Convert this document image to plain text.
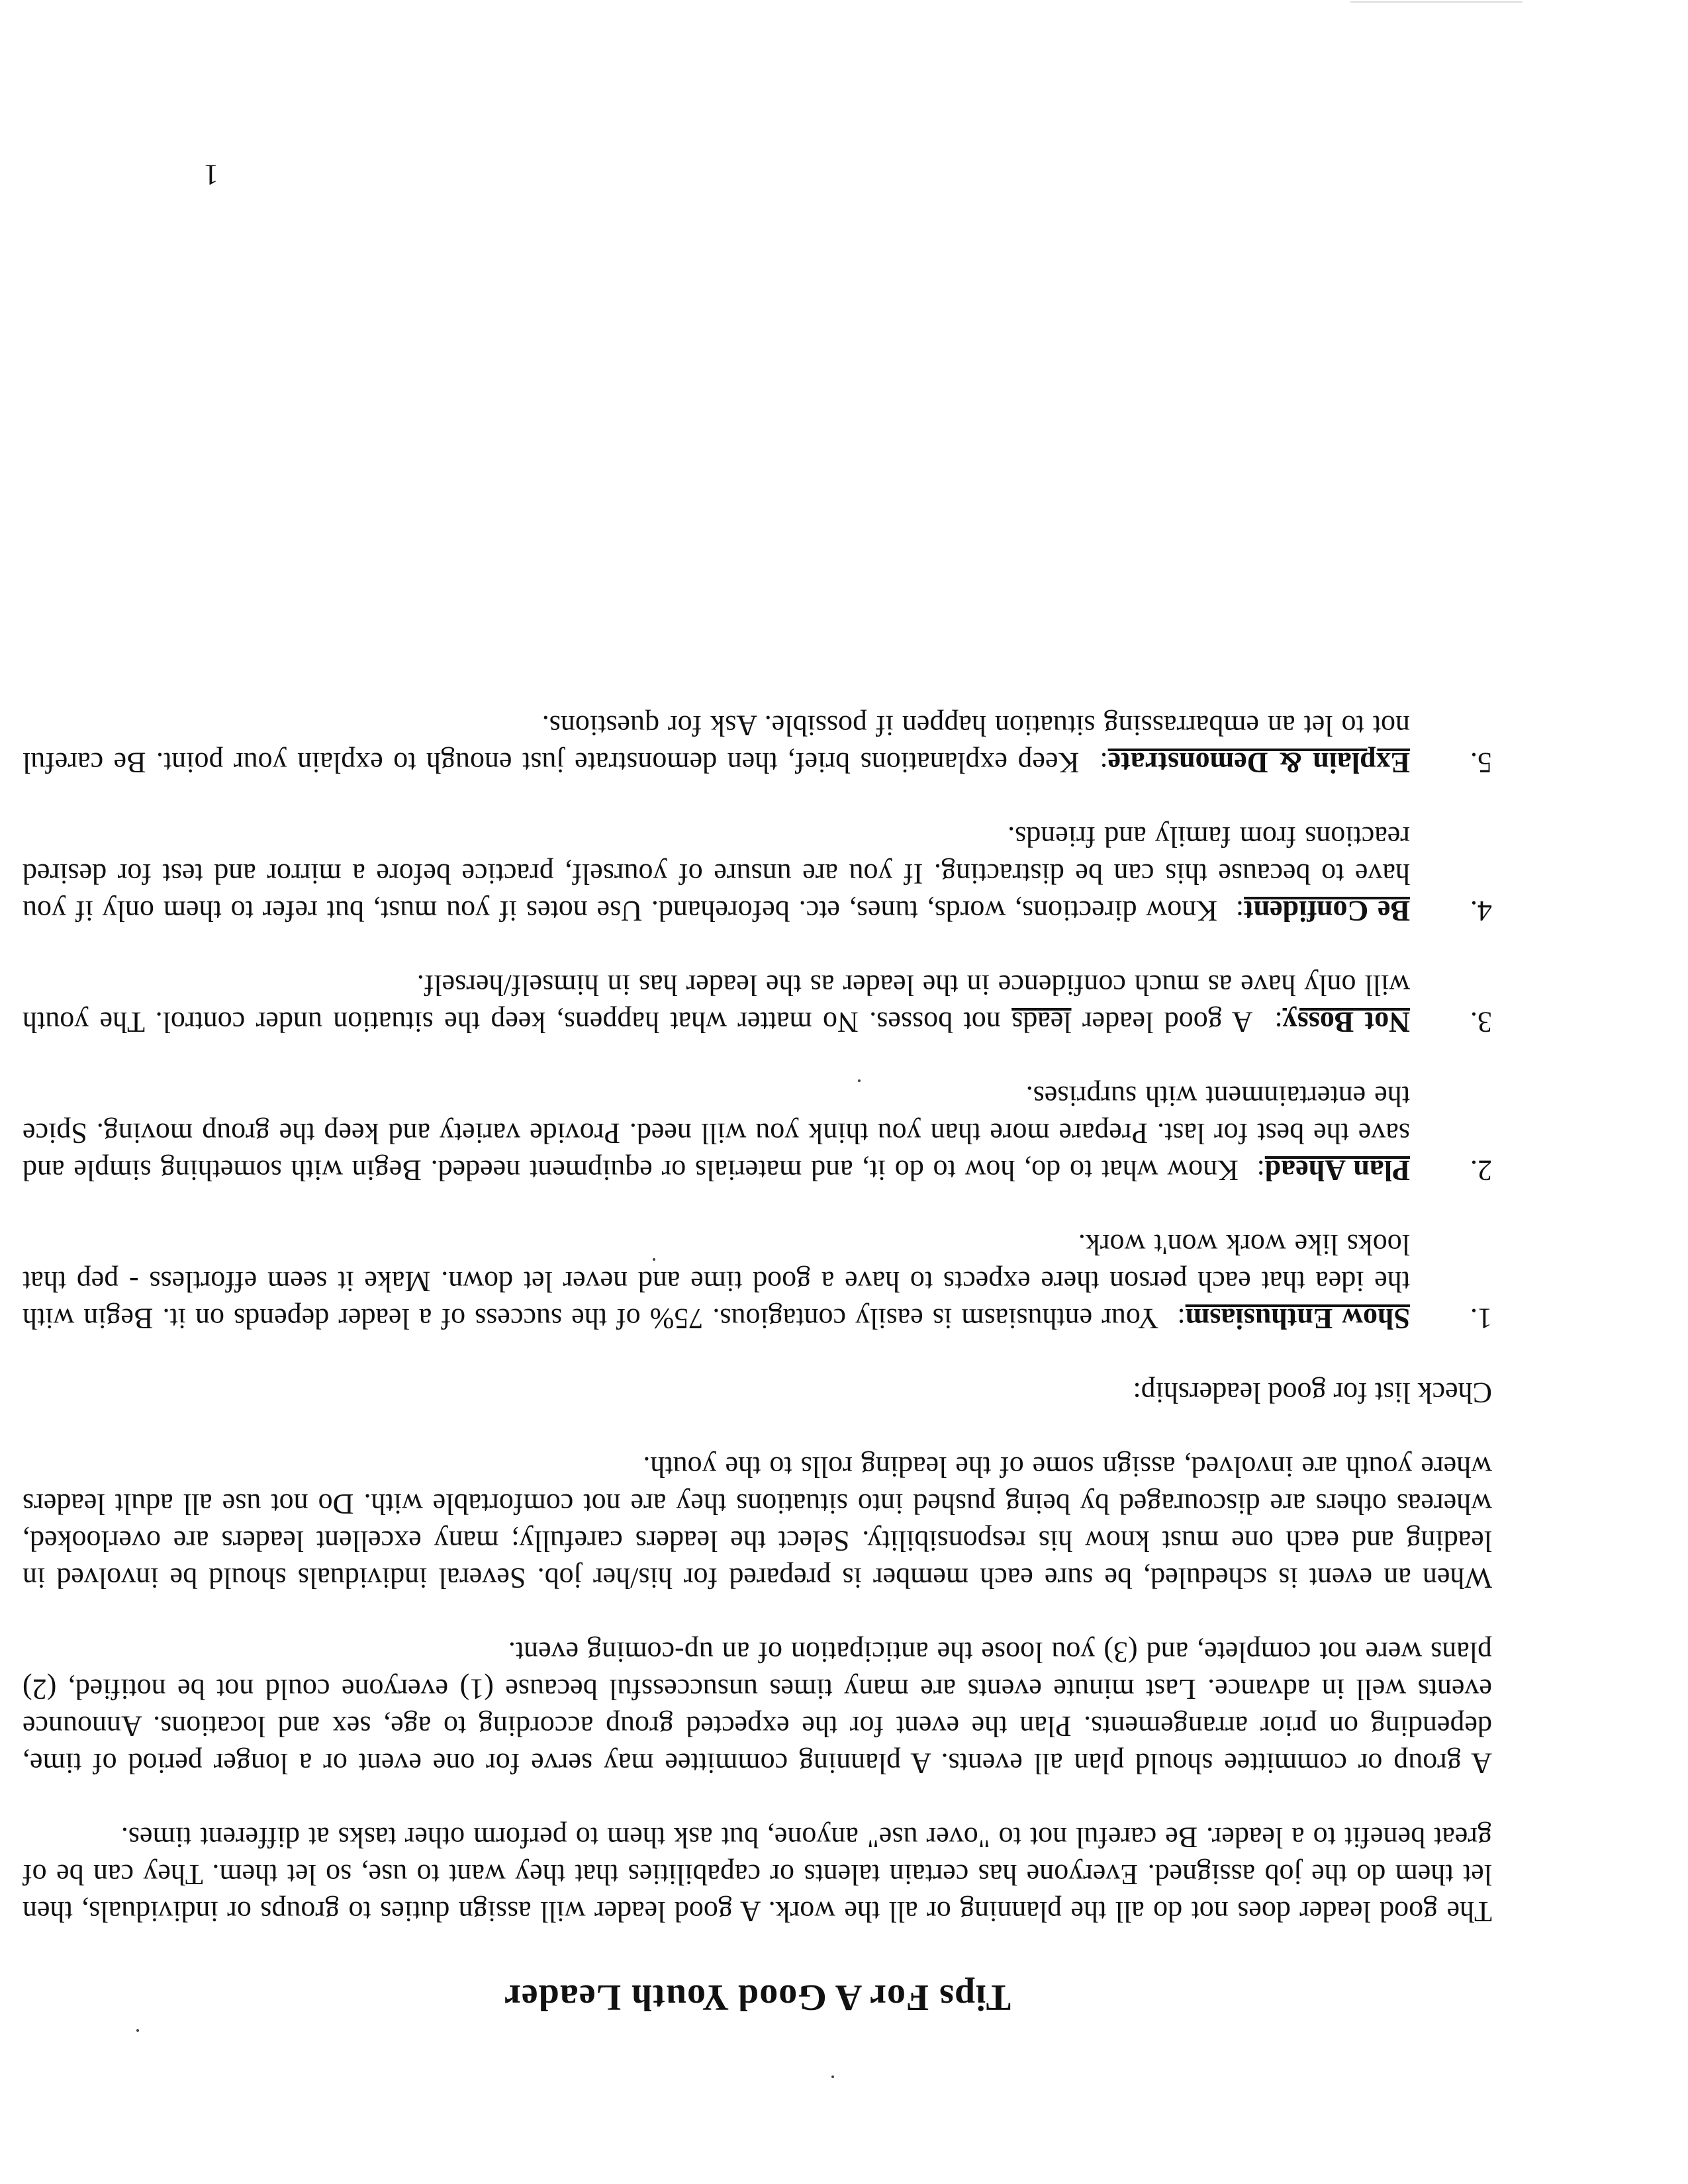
Tips For A Good Youth Leader

The good leader does not do all the planning or all the work. A good leader will assign duties to groups or individuals, then let them do the job assigned. Everyone has certain talents or capabilities that they want to use, so let them. They can be of great benefit to a leader. Be careful not to "over use" anyone, but ask them to perform other tasks at different times.

A group or committee should plan all events. A planning committee may serve for one event or a longer period of time, depending on prior arrangements. Plan the event for the expected group according to age, sex and locations. Announce events well in advance. Last minute events are many times unsuccessful because (1) everyone could not be notified, (2) plans were not complete, and (3) you loose the anticipation of an up-coming event.

When an event is scheduled, be sure each member is prepared for his/her job. Several individuals should be involved in leading and each one must know his responsibility. Select the leaders carefully; many excellent leaders are overlooked, whereas others are discouraged by being pushed into situations they are not comfortable with. Do not use all adult leaders where youth are involved, assign some of the leading rolls to the youth.

Check list for good leadership:

1.
Show Enthusiasm:  Your enthusiasm is easily contagious. 75% of the success of a leader depends on it. Begin with the idea that each person there expects to have a good time and never let down. Make it seem effortless - pep that looks like work won't work.
2.
Plan Ahead:  Know what to do, how to do it, and materials or equipment needed. Begin with something simple and save the best for last. Prepare more than you think you will need. Provide variety and keep the group moving. Spice the entertainment with surprises.
3.
Not Bossy:  A good leader leads not bosses. No matter what happens, keep the situation under control. The youth will only have as much confidence in the leader as the leader has in himself/herself.
4.
Be Confident:  Know directions, words, tunes, etc. beforehand. Use notes if you must, but refer to them only if you have to because this can be distracting. If you are unsure of yourself, practice before a mirror and test for desired reactions from family and friends.
5.
Explain & Demonstrate:  Keep explanations brief, then demonstrate just enough to explain your point. Be careful not to let an embarrassing situation happen if possible. Ask for questions.
1
